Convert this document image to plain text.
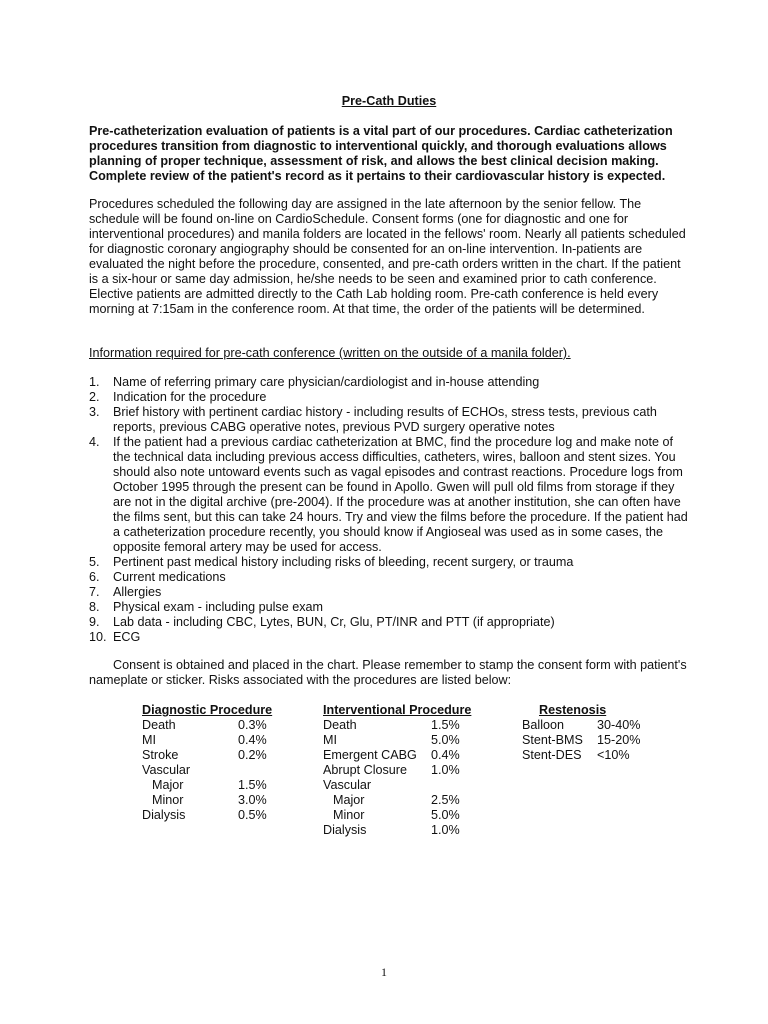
Pre-Cath Duties

Pre-catheterization evaluation of patients is a vital part of our procedures. Cardiac catheterization procedures transition from diagnostic to interventional quickly, and thorough evaluations allows planning of proper technique, assessment of risk, and allows the best clinical decision making. Complete review of the patient's record as it pertains to their cardiovascular history is expected.

Procedures scheduled the following day are assigned in the late afternoon by the senior fellow. The schedule will be found on-line on CardioSchedule. Consent forms (one for diagnostic and one for interventional procedures) and manila folders are located in the fellows' room. Nearly all patients scheduled for diagnostic coronary angiography should be consented for an on-line intervention. In-patients are evaluated the night before the procedure, consented, and pre-cath orders written in the chart. If the patient is a six-hour or same day admission, he/she needs to be seen and examined prior to cath conference. Elective patients are admitted directly to the Cath Lab holding room. Pre-cath conference is held every morning at 7:15am in the conference room. At that time, the order of the patients will be determined.

Information required for pre-cath conference (written on the outside of a manila folder).

1. Name of referring primary care physician/cardiologist and in-house attending
2. Indication for the procedure
3. Brief history with pertinent cardiac history - including results of ECHOs, stress tests, previous cath reports, previous CABG operative notes, previous PVD surgery operative notes
4. If the patient had a previous cardiac catheterization at BMC, find the procedure log and make note of the technical data including previous access difficulties, catheters, wires, balloon and stent sizes. You should also note untoward events such as vagal episodes and contrast reactions. Procedure logs from October 1995 through the present can be found in Apollo. Gwen will pull old films from storage if they are not in the digital archive (pre-2004). If the procedure was at another institution, she can often have the films sent, but this can take 24 hours. Try and view the films before the procedure. If the patient had a catheterization procedure recently, you should know if Angioseal was used as in some cases, the opposite femoral artery may be used for access.
5. Pertinent past medical history including risks of bleeding, recent surgery, or trauma
6. Current medications
7. Allergies
8. Physical exam - including pulse exam
9. Lab data - including CBC, Lytes, BUN, Cr, Glu, PT/INR and PTT (if appropriate)
10. ECG

Consent is obtained and placed in the chart. Please remember to stamp the consent form with patient's nameplate or sticker. Risks associated with the procedures are listed below:

Diagnostic Procedure
Death	0.3%
MI	0.4%
Stroke	0.2%
Vascular
Major	1.5%
Minor	3.0%
Dialysis	0.5%
Interventional Procedure
Death	1.5%
MI	5.0%
Emergent CABG 0.4%
Abrupt Closure 1.0%
Vascular
Major	2.5%
Minor	5.0%
Dialysis	1.0%
Restenosis
Balloon	30-40%
Stent-BMS 15-20%
Stent-DES <10%
1
